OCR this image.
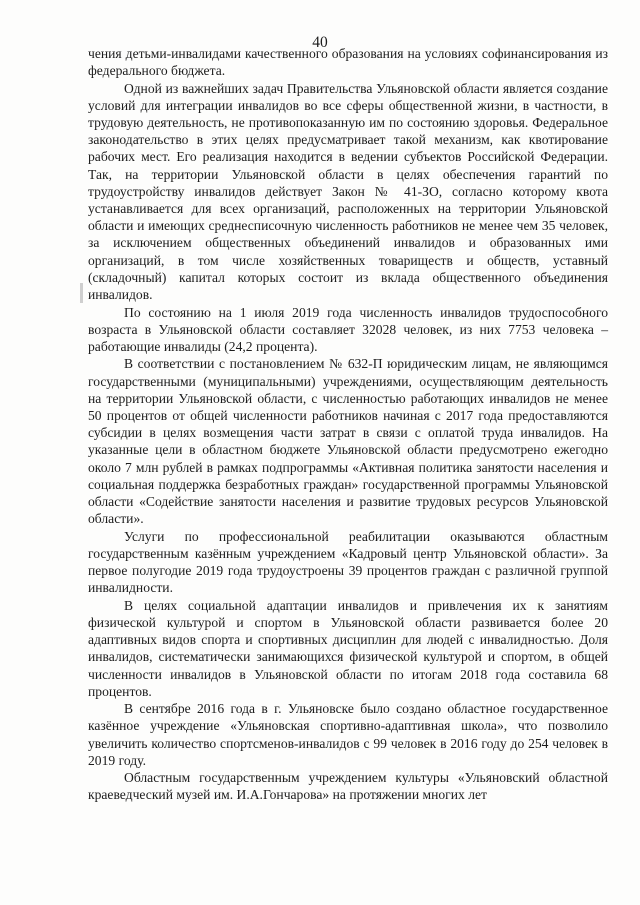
40

чения детьми-инвалидами качественного образования на условиях софинансирования из федерального бюджета.

Одной из важнейших задач Правительства Ульяновской области является создание условий для интеграции инвалидов во все сферы общественной жизни, в частности, в трудовую деятельность, не противопоказанную им по состоянию здоровья. Федеральное законодательство в этих целях предусматривает такой механизм, как квотирование рабочих мест. Его реализация находится в ведении субъектов Российской Федерации. Так, на территории Ульяновской области в целях обеспечения гарантий по трудоустройству инвалидов действует Закон № 41-ЗО, согласно которому квота устанавливается для всех организаций, расположенных на территории Ульяновской области и имеющих среднесписочную численность работников не менее чем 35 человек, за исключением общественных объединений инвалидов и образованных ими организаций, в том числе хозяйственных товариществ и обществ, уставный (складочный) капитал которых состоит из вклада общественного объединения инвалидов.

По состоянию на 1 июля 2019 года численность инвалидов трудоспособного возраста в Ульяновской области составляет 32028 человек, из них 7753 человека – работающие инвалиды (24,2 процента).

В соответствии с постановлением № 632-П юридическим лицам, не являющимся государственными (муниципальными) учреждениями, осуществляющим деятельность на территории Ульяновской области, с численностью работающих инвалидов не менее 50 процентов от общей численности работников начиная с 2017 года предоставляются субсидии в целях возмещения части затрат в связи с оплатой труда инвалидов. На указанные цели в областном бюджете Ульяновской области предусмотрено ежегодно около 7 млн рублей в рамках подпрограммы «Активная политика занятости населения и социальная поддержка безработных граждан» государственной программы Ульяновской области «Содействие занятости населения и развитие трудовых ресурсов Ульяновской области».

Услуги по профессиональной реабилитации оказываются областным государственным казённым учреждением «Кадровый центр Ульяновской области». За первое полугодие 2019 года трудоустроены 39 процентов граждан с различной группой инвалидности.

В целях социальной адаптации инвалидов и привлечения их к занятиям физической культурой и спортом в Ульяновской области развивается более 20 адаптивных видов спорта и спортивных дисциплин для людей с инвалидностью. Доля инвалидов, систематически занимающихся физической культурой и спортом, в общей численности инвалидов в Ульяновской области по итогам 2018 года составила 68 процентов.

В сентябре 2016 года в г. Ульяновске было создано областное государственное казённое учреждение «Ульяновская спортивно-адаптивная школа», что позволило увеличить количество спортсменов-инвалидов с 99 человек в 2016 году до 254 человек в 2019 году.

Областным государственным учреждением культуры «Ульяновский областной краеведческий музей им. И.А.Гончарова» на протяжении многих лет
